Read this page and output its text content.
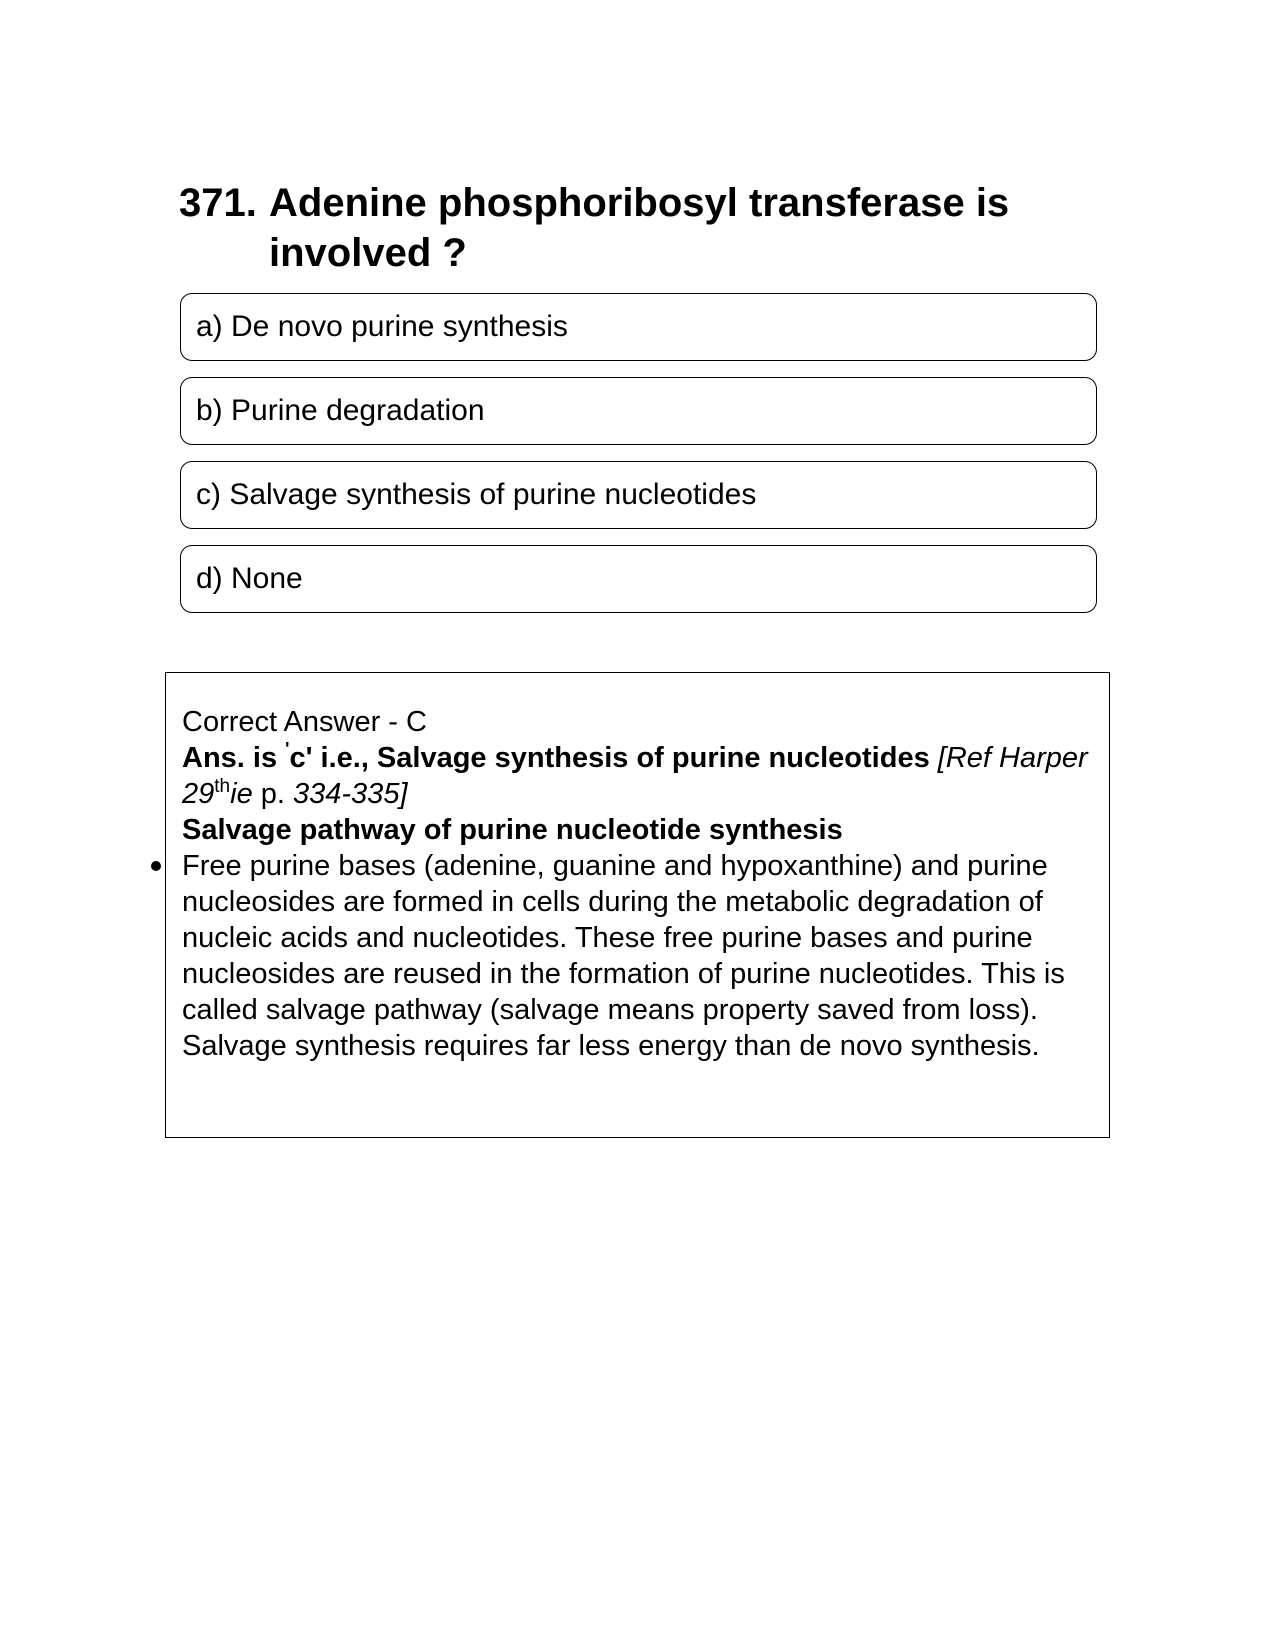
371. Adenine phosphoribosyl transferase is involved ?
a) De novo purine synthesis
b) Purine degradation
c) Salvage synthesis of purine nucleotides
d) None

Correct Answer - C

Ans. is 'c' i.e., Salvage synthesis of purine nucleotides [Ref Harper 29thie p. 334-335]

Salvage pathway of purine nucleotide synthesis

Free purine bases (adenine, guanine and hypoxanthine) and purine nucleosides are formed in cells during the metabolic degradation of nucleic acids and nucleotides. These free purine bases and purine nucleosides are reused in the formation of purine nucleotides. This is called salvage pathway (salvage means property saved from loss). Salvage synthesis requires far less energy than de novo synthesis.
